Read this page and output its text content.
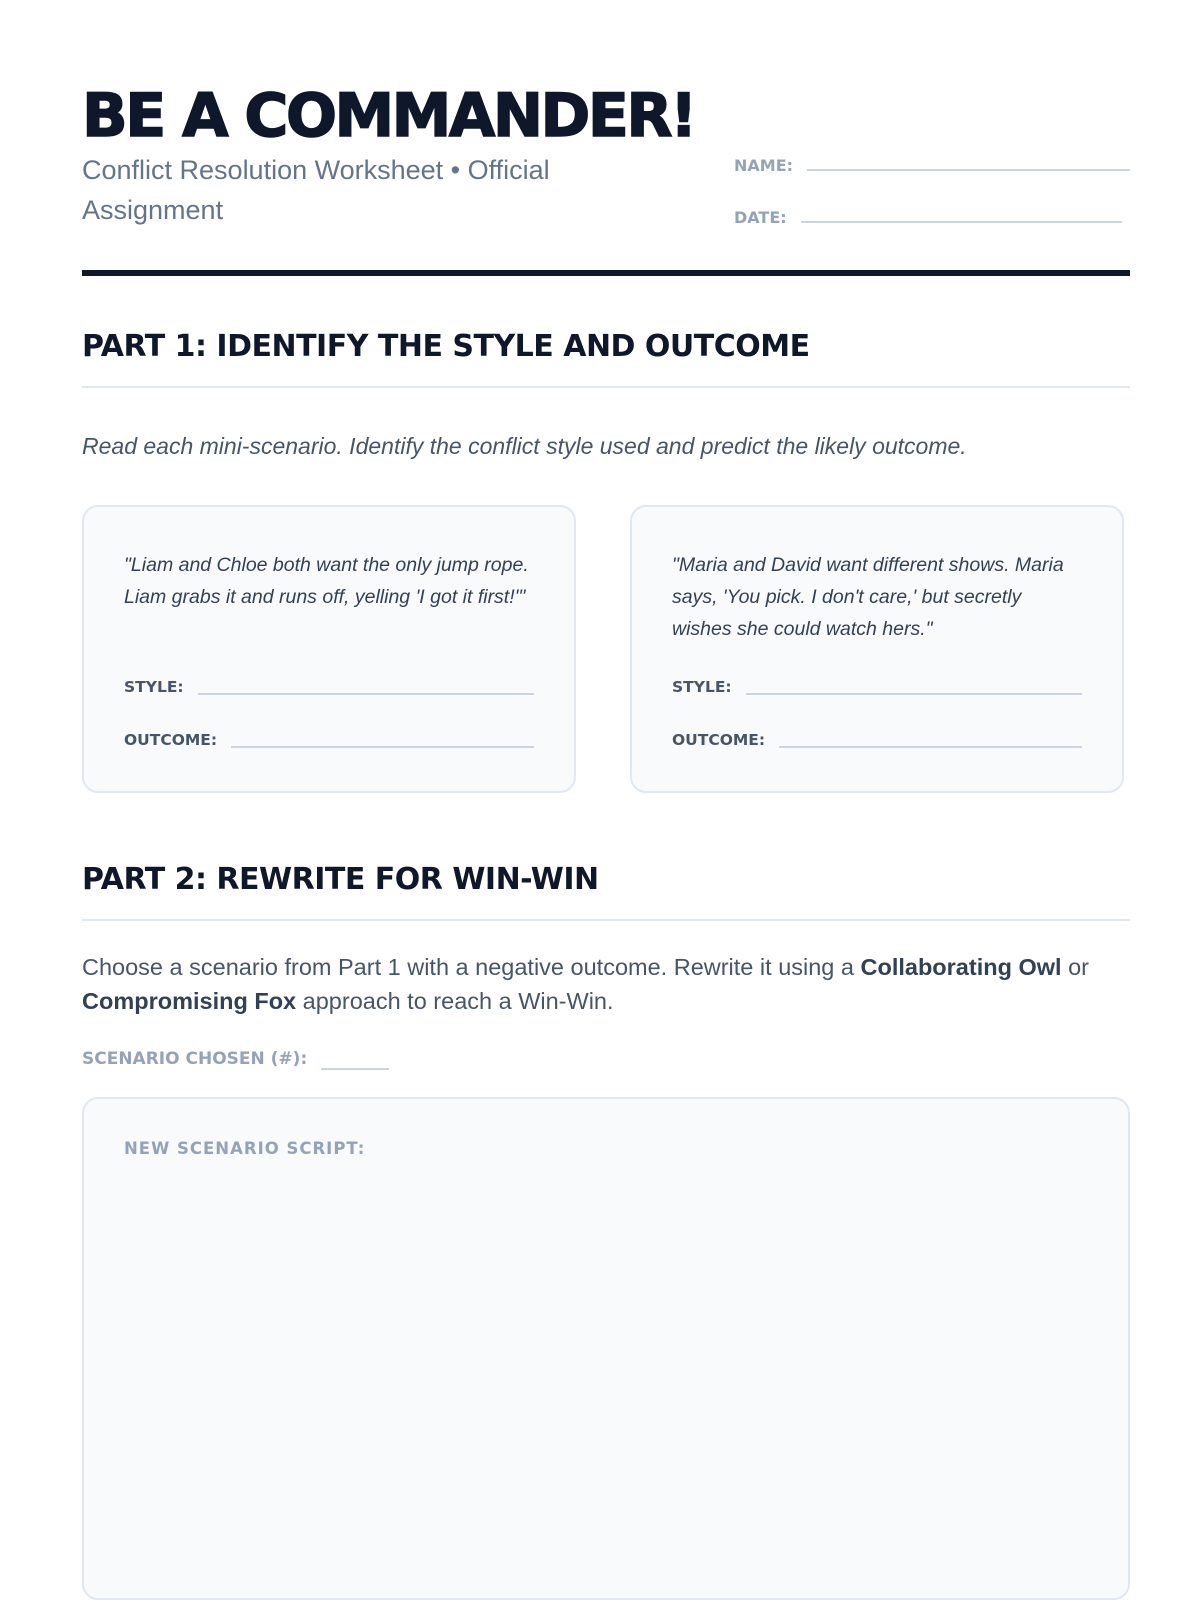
BE A COMMANDER!
Conflict Resolution Worksheet • Official Assignment
NAME:
DATE:
PART 1: IDENTIFY THE STYLE AND OUTCOME

Read each mini-scenario. Identify the conflict style used and predict the likely outcome.

"Liam and Chloe both want the only jump rope. Liam grabs it and runs off, yelling 'I got it first!'"

STYLE:
OUTCOME:

"Maria and David want different shows. Maria says, 'You pick. I don't care,' but secretly wishes she could watch hers."

STYLE:
OUTCOME:
PART 2: REWRITE FOR WIN-WIN

Choose a scenario from Part 1 with a negative outcome. Rewrite it using a Collaborating Owl or Compromising Fox approach to reach a Win-Win.

SCENARIO CHOSEN (#):
NEW SCENARIO SCRIPT:
